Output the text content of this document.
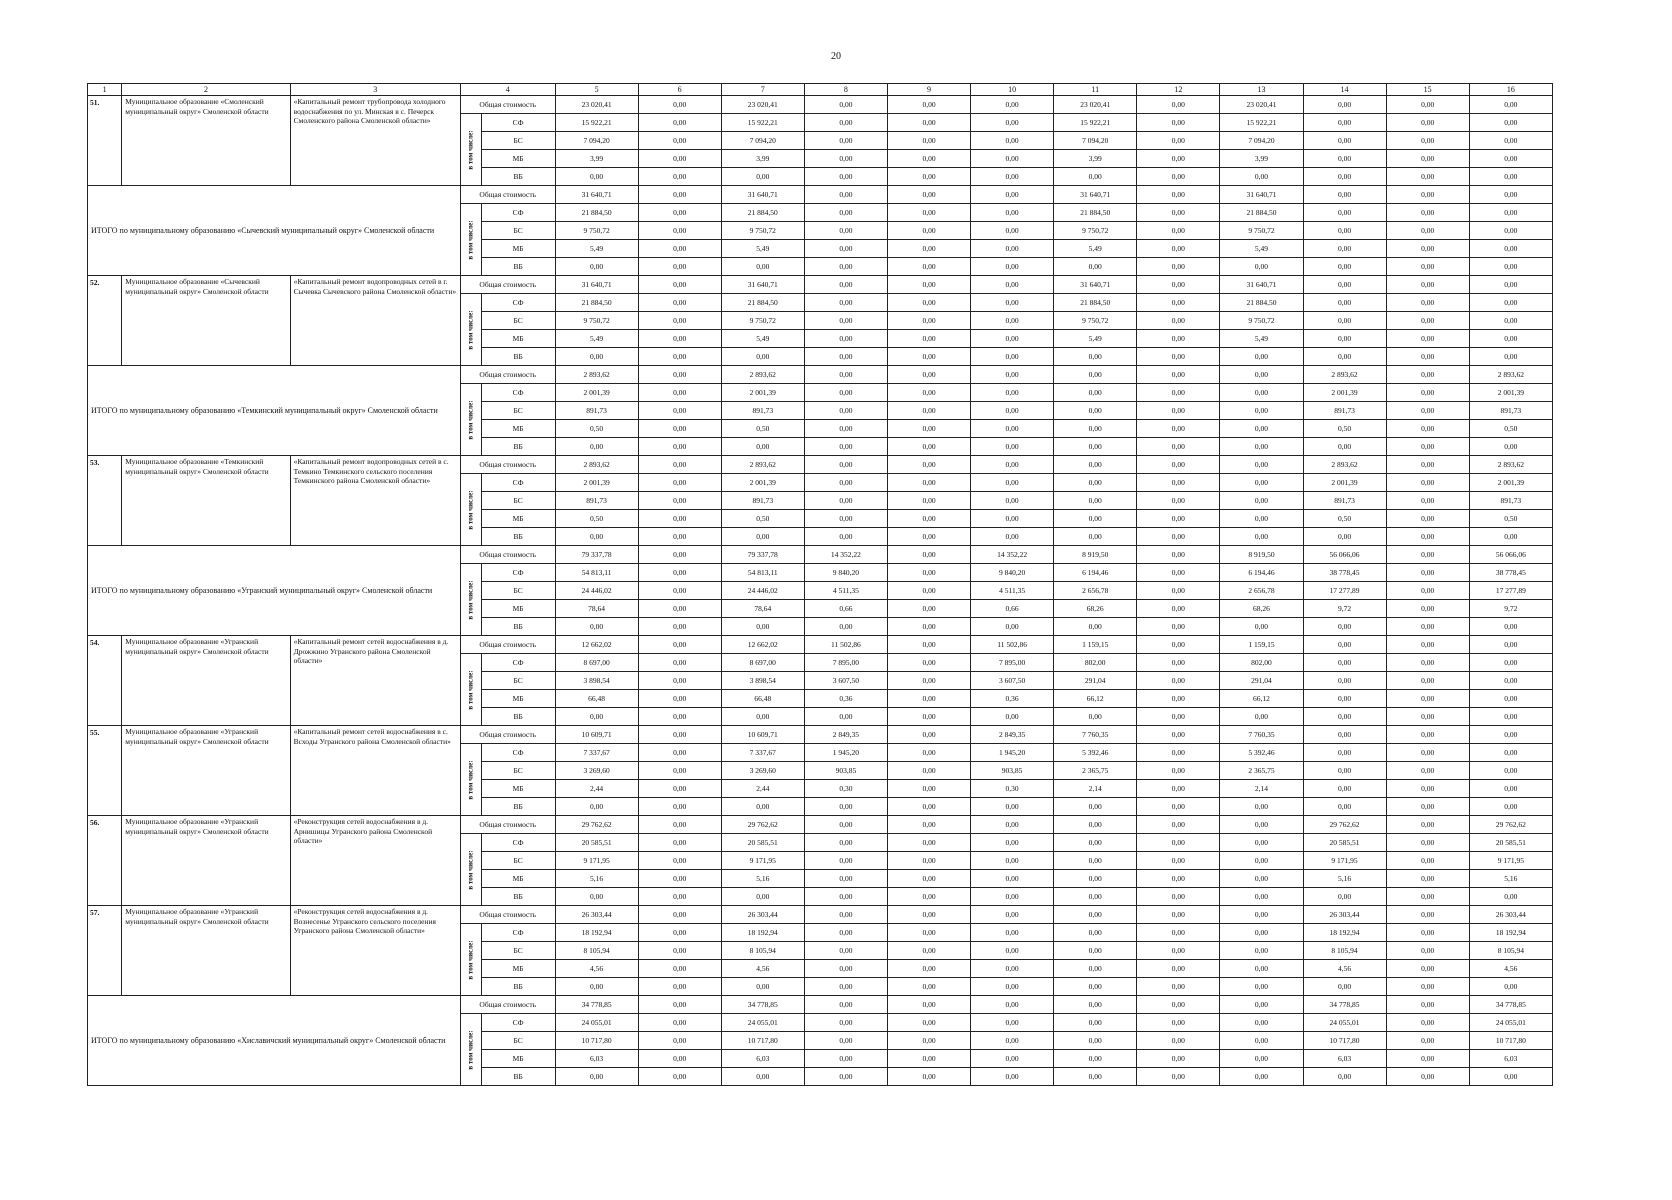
20
1	2	3	4		5	6	7	8	9	10	11	12	13	14	15	16
51.	Муниципальное образование «Смоленский муниципальный округ» Смоленской области	«Капитальный ремонт трубопровода холодного водоснабжения по ул. Минская в с. Печерск Смоленского района Смоленской области»	Общая стоимость		23 020,41	0,00	23 020,41	0,00	0,00	0,00	23 020,41	0,00	23 020,41	0,00	0,00	0,00

			в том числе:	СФ	15 922,21	0,00	15 922,21	0,00	0,00	0,00	15 922,21	0,00	15 922,21	0,00	0,00	0,00
				БС	7 094,20	0,00	7 094,20	0,00	0,00	0,00	7 094,20	0,00	7 094,20	0,00	0,00	0,00
				МБ	3,99	0,00	3,99	0,00	0,00	0,00	3,99	0,00	3,99	0,00	0,00	0,00
				ВБ	0,00	0,00	0,00	0,00	0,00	0,00	0,00	0,00	0,00	0,00	0,00	0,00
ИТОГО по муниципальному образованию «Сычевский муниципальный округ» Смоленской области			Общая стоимость		31 640,71	0,00	31 640,71	0,00	0,00	0,00	31 640,71	0,00	31 640,71	0,00	0,00	0,00

			в том числе:	СФ	21 884,50	0,00	21 884,50	0,00	0,00	0,00	21 884,50	0,00	21 884,50	0,00	0,00	0,00
				БС	9 750,72	0,00	9 750,72	0,00	0,00	0,00	9 750,72	0,00	9 750,72	0,00	0,00	0,00
				МБ	5,49	0,00	5,49	0,00	0,00	0,00	5,49	0,00	5,49	0,00	0,00	0,00
				ВБ	0,00	0,00	0,00	0,00	0,00	0,00	0,00	0,00	0,00	0,00	0,00	0,00
52.	Муниципальное образование «Сычевский муниципальный округ» Смоленской области	«Капитальный ремонт водопроводных сетей в г. Сычевка Сычевского района Смоленской области»	Общая стоимость		31 640,71	0,00	31 640,71	0,00	0,00	0,00	31 640,71	0,00	31 640,71	0,00	0,00	0,00

			в том числе:	СФ	21 884,50	0,00	21 884,50	0,00	0,00	0,00	21 884,50	0,00	21 884,50	0,00	0,00	0,00
				БС	9 750,72	0,00	9 750,72	0,00	0,00	0,00	9 750,72	0,00	9 750,72	0,00	0,00	0,00
				МБ	5,49	0,00	5,49	0,00	0,00	0,00	5,49	0,00	5,49	0,00	0,00	0,00
				ВБ	0,00	0,00	0,00	0,00	0,00	0,00	0,00	0,00	0,00	0,00	0,00	0,00
ИТОГО по муниципальному образованию «Темкинский муниципальный округ» Смоленской области			Общая стоимость		2 893,62	0,00	2 893,62	0,00	0,00	0,00	0,00	0,00	0,00	2 893,62	0,00	2 893,62

			в том числе:	СФ	2 001,39	0,00	2 001,39	0,00	0,00	0,00	0,00	0,00	0,00	2 001,39	0,00	2 001,39
				БС	891,73	0,00	891,73	0,00	0,00	0,00	0,00	0,00	0,00	891,73	0,00	891,73
				МБ	0,50	0,00	0,50	0,00	0,00	0,00	0,00	0,00	0,00	0,50	0,00	0,50
				ВБ	0,00	0,00	0,00	0,00	0,00	0,00	0,00	0,00	0,00	0,00	0,00	0,00
53.	Муниципальное образование «Темкинский муниципальный округ» Смоленской области	«Капитальный ремонт водопроводных сетей в с. Темкино Темкинского сельского поселения Темкинского района Смоленской области»	Общая стоимость		2 893,62	0,00	2 893,62	0,00	0,00	0,00	0,00	0,00	0,00	2 893,62	0,00	2 893,62

			в том числе:	СФ	2 001,39	0,00	2 001,39	0,00	0,00	0,00	0,00	0,00	0,00	2 001,39	0,00	2 001,39
				БС	891,73	0,00	891,73	0,00	0,00	0,00	0,00	0,00	0,00	891,73	0,00	891,73
				МБ	0,50	0,00	0,50	0,00	0,00	0,00	0,00	0,00	0,00	0,50	0,00	0,50
				ВБ	0,00	0,00	0,00	0,00	0,00	0,00	0,00	0,00	0,00	0,00	0,00	0,00
ИТОГО по муниципальному образованию «Угранский муниципальный округ» Смоленской области			Общая стоимость		79 337,78	0,00	79 337,78	14 352,22	0,00	14 352,22	8 919,50	0,00	8 919,50	56 066,06	0,00	56 066,06

			в том числе:	СФ	54 813,11	0,00	54 813,11	9 840,20	0,00	9 840,20	6 194,46	0,00	6 194,46	38 778,45	0,00	38 778,45
				БС	24 446,02	0,00	24 446,02	4 511,35	0,00	4 511,35	2 656,78	0,00	2 656,78	17 277,89	0,00	17 277,89
				МБ	78,64	0,00	78,64	0,66	0,00	0,66	68,26	0,00	68,26	9,72	0,00	9,72
				ВБ	0,00	0,00	0,00	0,00	0,00	0,00	0,00	0,00	0,00	0,00	0,00	0,00
54.	Муниципальное образование «Угранский муниципальный округ» Смоленской области	«Капитальный ремонт сетей водоснабжения в д. Дрожжино Угранского района Смоленской области»	Общая стоимость		12 662,02	0,00	12 662,02	11 502,86	0,00	11 502,86	1 159,15	0,00	1 159,15	0,00	0,00	0,00

			в том числе:	СФ	8 697,00	0,00	8 697,00	7 895,00	0,00	7 895,00	802,00	0,00	802,00	0,00	0,00	0,00
				БС	3 898,54	0,00	3 898,54	3 607,50	0,00	3 607,50	291,04	0,00	291,04	0,00	0,00	0,00
				МБ	66,48	0,00	66,48	0,36	0,00	0,36	66,12	0,00	66,12	0,00	0,00	0,00
				ВБ	0,00	0,00	0,00	0,00	0,00	0,00	0,00	0,00	0,00	0,00	0,00	0,00
55.	Муниципальное образование «Угранский муниципальный округ» Смоленской области	«Капитальный ремонт сетей водоснабжения в с. Всходы Угранского района Смоленской области»	Общая стоимость		10 609,71	0,00	10 609,71	2 849,35	0,00	2 849,35	7 760,35	0,00	7 760,35	0,00	0,00	0,00

			в том числе:	СФ	7 337,67	0,00	7 337,67	1 945,20	0,00	1 945,20	5 392,46	0,00	5 392,46	0,00	0,00	0,00
				БС	3 269,60	0,00	3 269,60	903,85	0,00	903,85	2 365,75	0,00	2 365,75	0,00	0,00	0,00
				МБ	2,44	0,00	2,44	0,30	0,00	0,30	2,14	0,00	2,14	0,00	0,00	0,00
				ВБ	0,00	0,00	0,00	0,00	0,00	0,00	0,00	0,00	0,00	0,00	0,00	0,00
56.	Муниципальное образование «Угранский муниципальный округ» Смоленской области	«Реконструкция сетей водоснабжения в д. Арнишицы Угранского района Смоленской области»	Общая стоимость		29 762,62	0,00	29 762,62	0,00	0,00	0,00	0,00	0,00	0,00	29 762,62	0,00	29 762,62

			в том числе:	СФ	20 585,51	0,00	20 585,51	0,00	0,00	0,00	0,00	0,00	0,00	20 585,51	0,00	20 585,51
				БС	9 171,95	0,00	9 171,95	0,00	0,00	0,00	0,00	0,00	0,00	9 171,95	0,00	9 171,95
				МБ	5,16	0,00	5,16	0,00	0,00	0,00	0,00	0,00	0,00	5,16	0,00	5,16
				ВБ	0,00	0,00	0,00	0,00	0,00	0,00	0,00	0,00	0,00	0,00	0,00	0,00
57.	Муниципальное образование «Угранский муниципальный округ» Смоленской области	«Реконструкция сетей водоснабжения в д. Вознесенье Угранского сельского поселения Угранского района Смоленской области»	Общая стоимость		26 303,44	0,00	26 303,44	0,00	0,00	0,00	0,00	0,00	0,00	26 303,44	0,00	26 303,44

			в том числе:	СФ	18 192,94	0,00	18 192,94	0,00	0,00	0,00	0,00	0,00	0,00	18 192,94	0,00	18 192,94
				БС	8 105,94	0,00	8 105,94	0,00	0,00	0,00	0,00	0,00	0,00	8 105,94	0,00	8 105,94
				МБ	4,56	0,00	4,56	0,00	0,00	0,00	0,00	0,00	0,00	4,56	0,00	4,56
				ВБ	0,00	0,00	0,00	0,00	0,00	0,00	0,00	0,00	0,00	0,00	0,00	0,00
ИТОГО по муниципальному образованию «Хиславичский муниципальный округ» Смоленской области			Общая стоимость		34 778,85	0,00	34 778,85	0,00	0,00	0,00	0,00	0,00	0,00	34 778,85	0,00	34 778,85

			в том числе:	СФ	24 055,01	0,00	24 055,01	0,00	0,00	0,00	0,00	0,00	0,00	24 055,01	0,00	24 055,01
				БС	10 717,80	0,00	10 717,80	0,00	0,00	0,00	0,00	0,00	0,00	10 717,80	0,00	10 717,80
				МБ	6,03	0,00	6,03	0,00	0,00	0,00	0,00	0,00	0,00	6,03	0,00	6,03
				ВБ	0,00	0,00	0,00	0,00	0,00	0,00	0,00	0,00	0,00	0,00	0,00	0,00
